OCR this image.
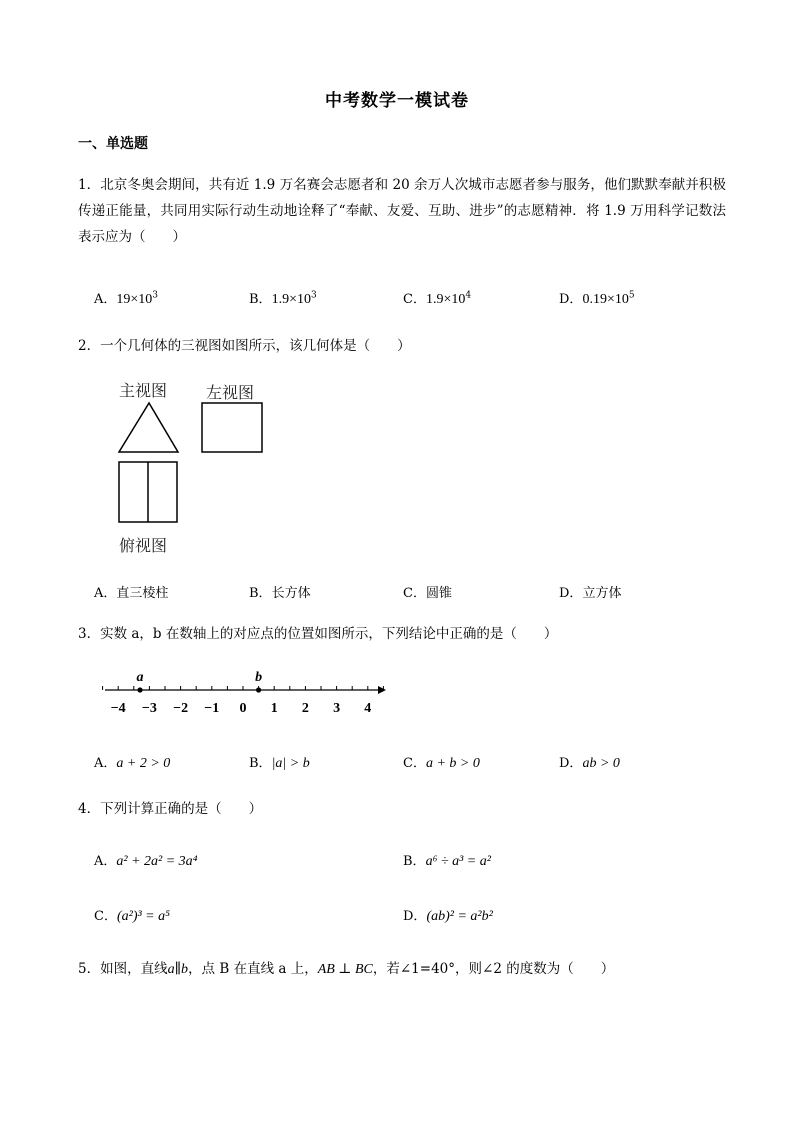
中考数学一模试卷
一、单选题
1．北京冬奥会期间，共有近 1.9 万名赛会志愿者和 20 余万人次城市志愿者参与服务，他们默默奉献并积极传递正能量，共同用实际行动生动地诠释了“奉献、友爱、互助、进步”的志愿精神．将 1.9 万用科学记数法表示应为（　　）
A．$19\times 10^3$	B．$1.9\times 10^3$	C．$1.9\times 10^4$	D．$0.19\times 10^5$
2．一个几何体的三视图如图所示，该几何体是（　　）
主视图 左视图
俯视图
A．直三棱柱	B．长方体	C．圆锥	D．立方体
3．实数 a，b 在数轴上的对应点的位置如图所示，下列结论中正确的是（　　）
−4 −3 −2 −1 0 1 2 3 4
a	b
A．a + 2 > 0	B．|a| > b	C．a + b > 0	D．ab > 0
4．下列计算正确的是（　　）
A．a² + 2a² = 3a⁴	B．a⁶ ÷ a³ = a²
C．(a²)³ = a⁵	D．(ab)² = a²b²
5．如图，直线a∥b，点 B 在直线 a 上，AB ⊥ BC，若∠1=40°，则∠2 的度数为（　　）
